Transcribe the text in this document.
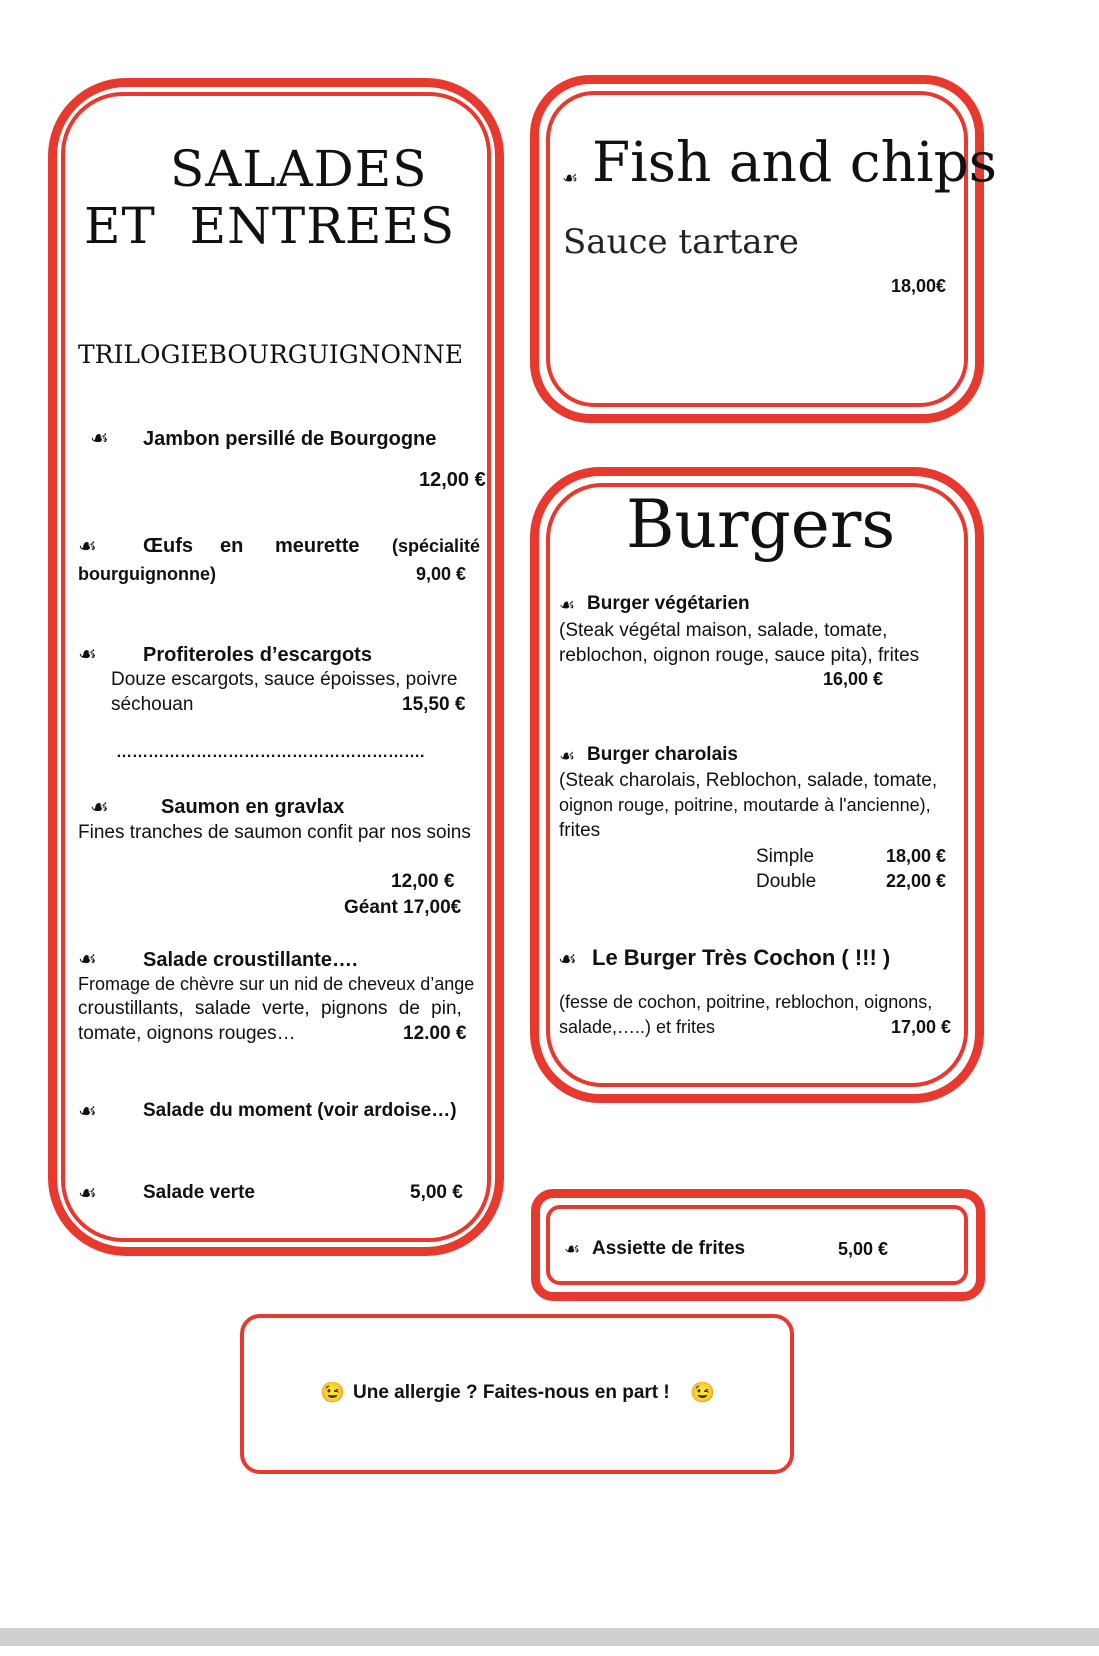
SALADES
ET  ENTREES
TRILOGIEBOURGUIGNONNE
☙ Jambon persillé de Bourgogne
12,00 €
☙ Œufs en meurette (spécialité
bourguignonne)	9,00 €
☙ Profiteroles d’escargots
Douze escargots, sauce époisses, poivre
séchouan	15,50 €
………………………………………………….
☙	Saumon en gravlax
Fines tranches de saumon confit par nos soins
12,00 €
Géant 17,00€
☙ Salade croustillante….
Fromage de chèvre sur un nid de cheveux d’ange
croustillants, salade verte, pignons de pin,
tomate, oignons rouges…	12.00 €
☙ Salade du moment (voir ardoise…)
☙ Salade verte	5,00 €
☙ Fish and chips
Sauce tartare
18,00€
Burgers
☙ Burger végétarien
(Steak végétal maison, salade, tomate,
reblochon, oignon rouge, sauce pita), frites
16,00 €
☙ Burger charolais
(Steak charolais, Reblochon, salade, tomate,
oignon rouge, poitrine, moutarde à l'ancienne),
frites
Simple	18,00 €
Double	22,00 €
☙ Le Burger Très Cochon ( !!! )
(fesse de cochon, poitrine, reblochon, oignons,
salade,…..) et frites	17,00 €
☙ Assiette de frites	5,00 €
😉 Une allergie ? Faites-nous en part ! 😉
